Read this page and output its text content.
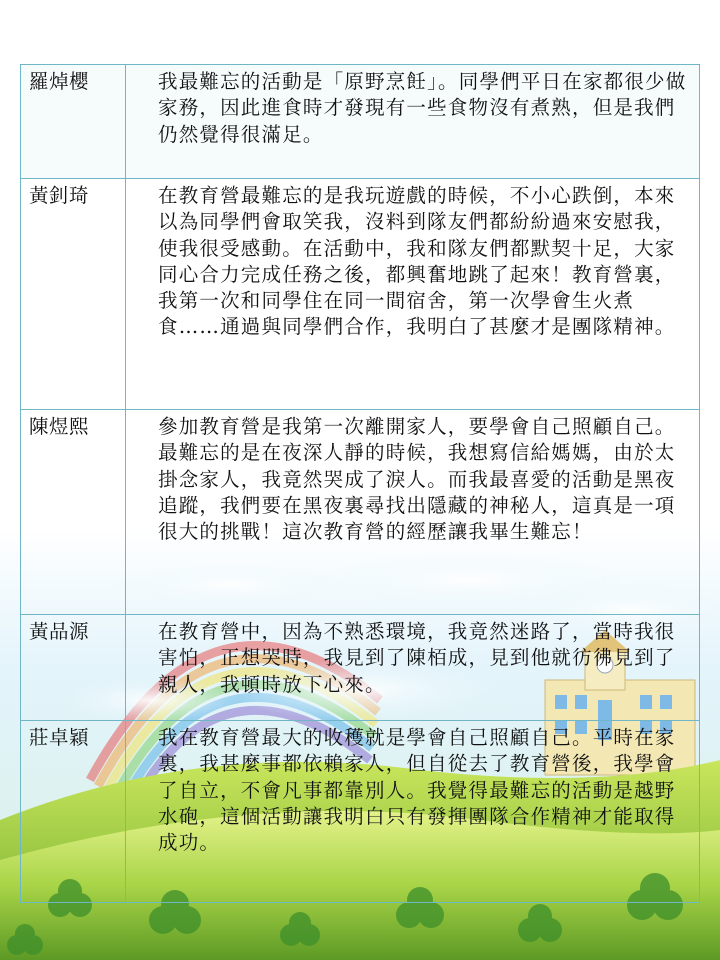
羅焯櫻	我最難忘的活動是「原野烹飪」。同學們平日在家都很少做家務，因此進食時才發現有一些食物沒有煮熟，但是我們仍然覺得很滿足。
黃釗琦	在教育營最難忘的是我玩遊戲的時候，不小心跌倒，本來以為同學們會取笑我，沒料到隊友們都紛紛過來安慰我，使我很受感動。在活動中，我和隊友們都默契十足，大家同心合力完成任務之後，都興奮地跳了起來！教育營裏，我第一次和同學住在同一間宿舍，第一次學會生火煮食……通過與同學們合作，我明白了甚麼才是團隊精神。
陳煜熙	參加教育營是我第一次離開家人，要學會自己照顧自己。最難忘的是在夜深人靜的時候，我想寫信給媽媽，由於太掛念家人，我竟然哭成了淚人。而我最喜愛的活動是黑夜追蹤，我們要在黑夜裏尋找出隱藏的神秘人，這真是一項很大的挑戰！這次教育營的經歷讓我畢生難忘！
黃品源	在教育營中，因為不熟悉環境，我竟然迷路了，當時我很害怕，正想哭時，我見到了陳栢成，見到他就彷彿見到了親人，我頓時放下心來。
莊卓穎	我在教育營最大的收穫就是學會自己照顧自己。平時在家裏，我甚麼事都依賴家人，但自從去了教育營後，我學會了自立，不會凡事都靠別人。我覺得最難忘的活動是越野水砲，這個活動讓我明白只有發揮團隊合作精神才能取得成功。
